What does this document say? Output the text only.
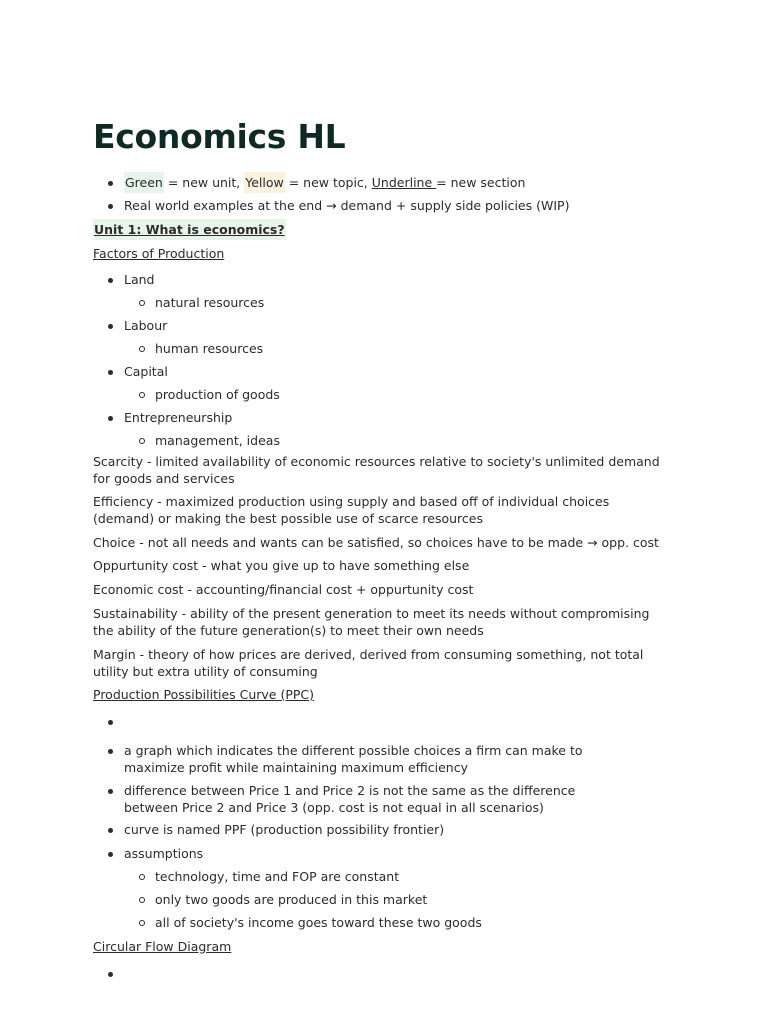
Economics HL
Green = new unit, Yellow = new topic, Underline = new section
Real world examples at the end → demand + supply side policies (WIP)
Unit 1: What is economics?
Factors of Production
Land
natural resources
Labour
human resources
Capital
production of goods
Entrepreneurship
management, ideas
Scarcity - limited availability of economic resources relative to society's unlimited demand for goods and services
Efficiency - maximized production using supply and based off of individual choices (demand) or making the best possible use of scarce resources
Choice - not all needs and wants can be satisfied, so choices have to be made → opp. cost
Oppurtunity cost - what you give up to have something else
Economic cost - accounting/financial cost + oppurtunity cost
Sustainability - ability of the present generation to meet its needs without compromising the ability of the future generation(s) to meet their own needs
Margin - theory of how prices are derived, derived from consuming something, not total utility but extra utility of consuming
Production Possibilities Curve (PPC)
a graph which indicates the different possible choices a firm can make to maximize profit while maintaining maximum efficiency
difference between Price 1 and Price 2 is not the same as the difference between Price 2 and Price 3 (opp. cost is not equal in all scenarios)
curve is named PPF (production possibility frontier)
assumptions
technology, time and FOP are constant
only two goods are produced in this market
all of society's income goes toward these two goods
Circular Flow Diagram
